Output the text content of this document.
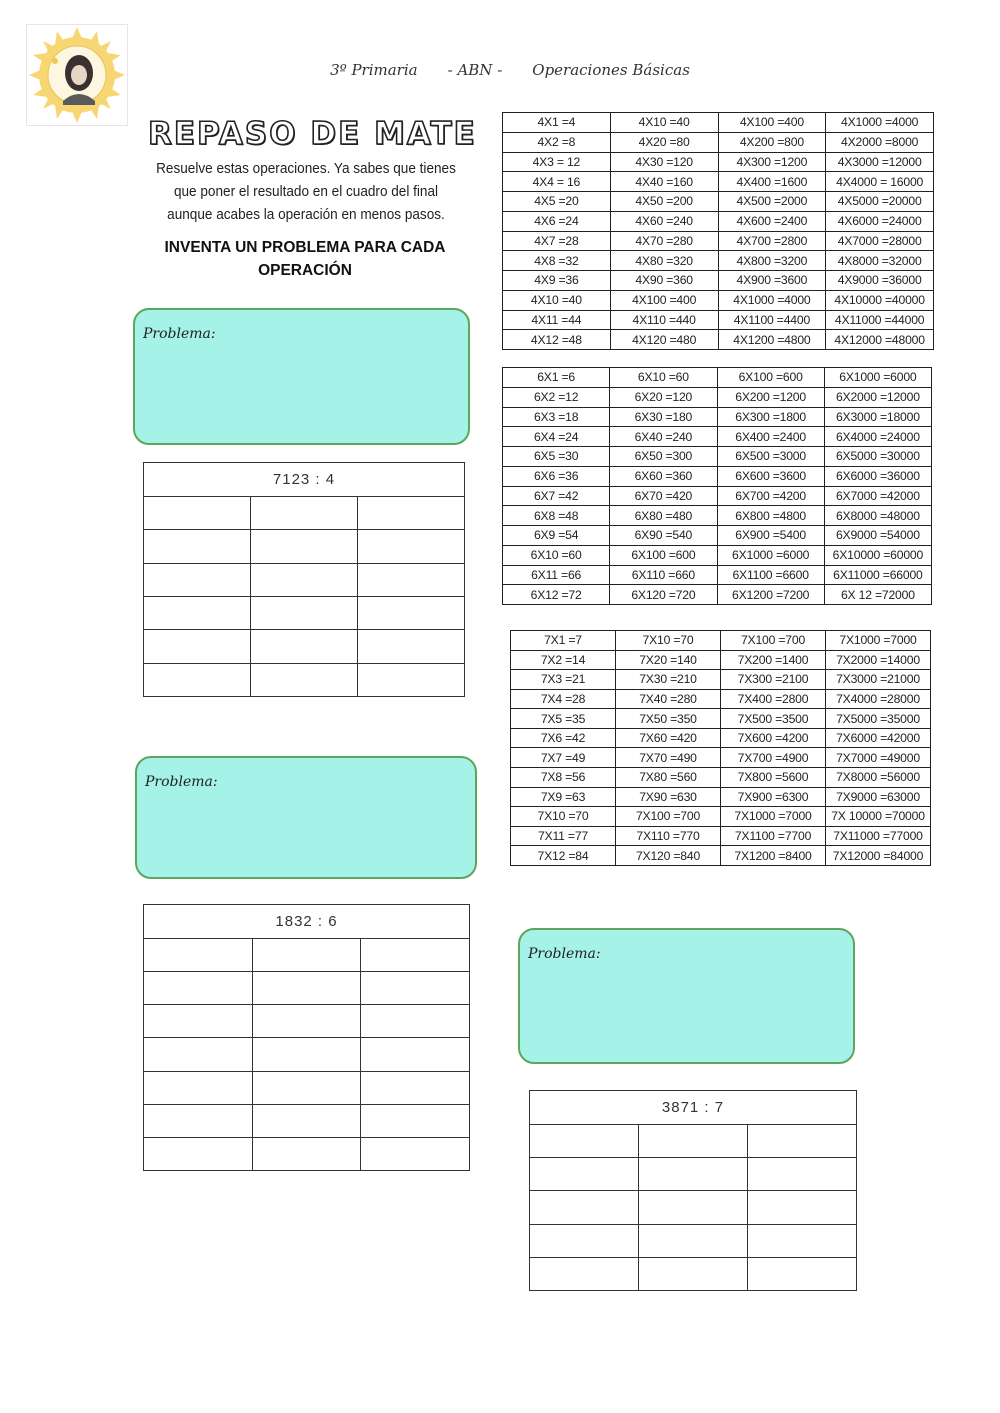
3º Primaria - ABN - Operaciones Básicas
REPASO DE MATE
Resuelve estas operaciones. Ya sabes que tienes que poner el resultado en el cuadro del final aunque acabes la operación en menos pasos.
INVENTA UN PROBLEMA PARA CADA OPERACIÓN
Problema:
7123 : 4		

Problema:
1832 : 6		

Problema:
3871 : 7		

4X1 =4	4X10 =40	4X100 =400	4X1000 =4000
4X2 =8	4X20 =80	4X200 =800	4X2000 =8000
4X3 = 12	4X30 =120	4X300 =1200	4X3000 =12000
4X4 = 16	4X40 =160	4X400 =1600	4X4000 = 16000
4X5 =20	4X50 =200	4X500 =2000	4X5000 =20000
4X6 =24	4X60 =240	4X600 =2400	4X6000 =24000
4X7 =28	4X70 =280	4X700 =2800	4X7000 =28000
4X8 =32	4X80 =320	4X800 =3200	4X8000 =32000
4X9 =36	4X90 =360	4X900 =3600	4X9000 =36000
4X10 =40	4X100 =400	4X1000 =4000	4X10000 =40000
4X11 =44	4X110 =440	4X1100 =4400	4X11000 =44000
4X12 =48	4X120 =480	4X1200 =4800	4X12000 =48000
6X1 =6	6X10 =60	6X100 =600	6X1000 =6000
6X2 =12	6X20 =120	6X200 =1200	6X2000 =12000
6X3 =18	6X30 =180	6X300 =1800	6X3000 =18000
6X4 =24	6X40 =240	6X400 =2400	6X4000 =24000
6X5 =30	6X50 =300	6X500 =3000	6X5000 =30000
6X6 =36	6X60 =360	6X600 =3600	6X6000 =36000
6X7 =42	6X70 =420	6X700 =4200	6X7000 =42000
6X8 =48	6X80 =480	6X800 =4800	6X8000 =48000
6X9 =54	6X90 =540	6X900 =5400	6X9000 =54000
6X10 =60	6X100 =600	6X1000 =6000	6X10000 =60000
6X11 =66	6X110 =660	6X1100 =6600	6X11000 =66000
6X12 =72	6X120 =720	6X1200 =7200	6X 12 =72000
7X1 =7	7X10 =70	7X100 =700	7X1000 =7000
7X2 =14	7X20 =140	7X200 =1400	7X2000 =14000
7X3 =21	7X30 =210	7X300 =2100	7X3000 =21000
7X4 =28	7X40 =280	7X400 =2800	7X4000 =28000
7X5 =35	7X50 =350	7X500 =3500	7X5000 =35000
7X6 =42	7X60 =420	7X600 =4200	7X6000 =42000
7X7 =49	7X70 =490	7X700 =4900	7X7000 =49000
7X8 =56	7X80 =560	7X800 =5600	7X8000 =56000
7X9 =63	7X90 =630	7X900 =6300	7X9000 =63000
7X10 =70	7X100 =700	7X1000 =7000	7X 10000 =70000
7X11 =77	7X110 =770	7X1100 =7700	7X11000 =77000
7X12 =84	7X120 =840	7X1200 =8400	7X12000 =84000
